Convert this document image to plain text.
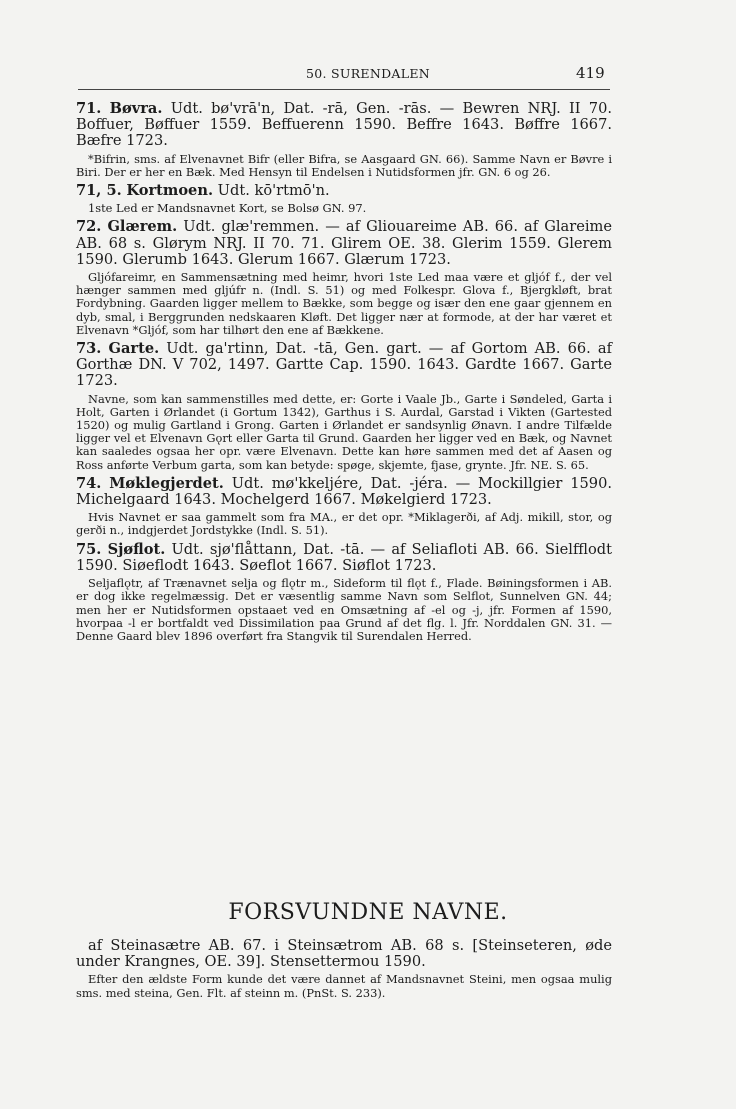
50. SURENDALEN	419

71. Bøvra. Udt. bø'vrā'n, Dat. -rā, Gen. -rās. — Bewren NRJ. II 70. Boffuer, Bøffuer 1559. Beffuerenn 1590. Beffre 1643. Bøffre 1667. Bæfre 1723.

*Bifrin, sms. af Elvenavnet Bifr (eller Bifra, se Aasgaard GN. 66). Samme Navn er Bøvre i Biri. Der er her en Bæk. Med Hensyn til Endelsen i Nutidsformen jfr. GN. 6 og 26.

71, 5. Kortmoen. Udt. kō'rtmō'n.

1ste Led er Mandsnavnet Kort, se Bolsø GN. 97.

72. Glærem. Udt. glæ'remmen. — af Gliouareime AB. 66. af Glareime AB. 68 s. Glørym NRJ. II 70. 71. Glirem OE. 38. Glerim 1559. Glerem 1590. Glerumb 1643. Glerum 1667. Glærum 1723.

Gljófareimr, en Sammensætning med heimr, hvori 1ste Led maa være et gljóf f., der vel hænger sammen med gljúfr n. (Indl. S. 51) og med Folkespr. Glova f., Bjergkløft, brat Fordybning. Gaarden ligger mellem to Bække, som begge og især den ene gaar gjennem en dyb, smal, i Berggrunden nedskaaren Kløft. Det ligger nær at formode, at der har været et Elvenavn *Gljóf, som har tilhørt den ene af Bækkene.

73. Garte. Udt. ga'rtinn, Dat. -tā, Gen. gart. — af Gortom AB. 66. af Gorthæ DN. V 702, 1497. Gartte Cap. 1590. 1643. Gardte 1667. Garte 1723.

Navne, som kan sammenstilles med dette, er: Gorte i Vaale Jb., Garte i Søndeled, Garta i Holt, Garten i Ørlandet (i Gortum 1342), Garthus i S. Aurdal, Garstad i Vikten (Gartested 1520) og mulig Gartland i Grong. Garten i Ørlandet er sandsynlig Ønavn. I andre Tilfælde ligger vel et Elvenavn Gǫrt eller Garta til Grund. Gaarden her ligger ved en Bæk, og Navnet kan saaledes ogsaa her opr. være Elvenavn. Dette kan høre sammen med det af Aasen og Ross anførte Verbum garta, som kan betyde: spøge, skjemte, fjase, grynte. Jfr. NE. S. 65.

74. Møklegjerdet. Udt. mø'kkeljére, Dat. -jéra. — Mockillgier 1590. Michelgaard 1643. Mochelgerd 1667. Møkelgierd 1723.

Hvis Navnet er saa gammelt som fra MA., er det opr. *Miklagerði, af Adj. mikill, stor, og gerði n., indgjerdet Jordstykke (Indl. S. 51).

75. Sjøflot. Udt. sjø'flåttann, Dat. -tā. — af Seliafloti AB. 66. Sielfflodt 1590. Siøeflodt 1643. Søeflot 1667. Siøflot 1723.

Seljaflǫtr, af Trænavnet selja og flǫtr m., Sideform til flǫt f., Flade. Bøiningsformen i AB. er dog ikke regelmæssig. Det er væsentlig samme Navn som Selflot, Sunnelven GN. 44; men her er Nutidsformen opstaaet ved en Omsætning af -el og -j, jfr. Formen af 1590, hvorpaa -l er bortfaldt ved Dissimilation paa Grund af det flg. l. Jfr. Norddalen GN. 31. — Denne Gaard blev 1896 overført fra Stangvik til Surendalen Herred.

FORSVUNDNE NAVNE.

af Steinasætre AB. 67. i Steinsætrom AB. 68 s. [Steinseteren, øde under Krangnes, OE. 39]. Stensettermou 1590.

Efter den ældste Form kunde det være dannet af Mandsnavnet Steini, men ogsaa mulig sms. med steina, Gen. Flt. af steinn m. (PnSt. S. 233).
